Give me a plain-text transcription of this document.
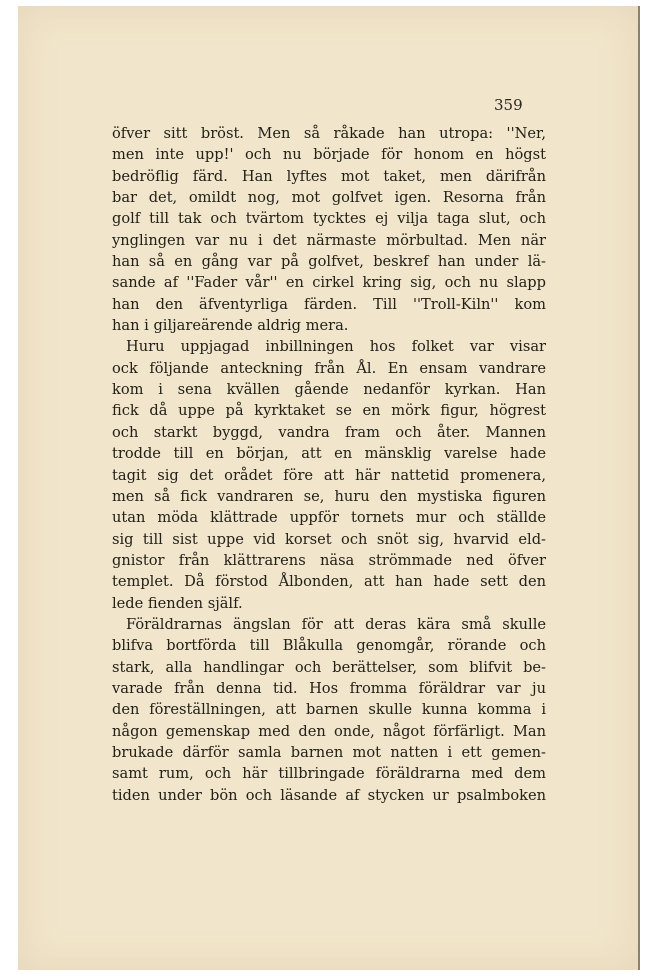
359

öfver sitt bröst. Men så råkade han utropa: ''Ner,
men inte upp!' och nu började för honom en högst
bedröflig färd. Han lyftes mot taket, men därifrån
bar det, omildt nog, mot golfvet igen. Resorna från
golf till tak och tvärtom tycktes ej vilja taga slut, och
ynglingen var nu i det närmaste mörbultad. Men när
han så en gång var på golfvet, beskref han under lä-
sande af ''Fader vår'' en cirkel kring sig, och nu slapp
han den äfventyrliga färden. Till ''Troll-Kiln'' kom
han i giljareärende aldrig mera.
Huru uppjagad inbillningen hos folket var visar
ock följande anteckning från Ål. En ensam vandrare
kom i sena kvällen gående nedanför kyrkan. Han
fick då uppe på kyrktaket se en mörk figur, högrest
och starkt byggd, vandra fram och åter. Mannen
trodde till en början, att en mänsklig varelse hade
tagit sig det orådet före att här nattetid promenera,
men så fick vandraren se, huru den mystiska figuren
utan möda klättrade uppför tornets mur och ställde
sig till sist uppe vid korset och snöt sig, hvarvid eld-
gnistor från klättrarens näsa strömmade ned öfver
templet. Då förstod Ålbonden, att han hade sett den
lede fienden själf.
Föräldrarnas ängslan för att deras kära små skulle
blifva bortförda till Blåkulla genomgår, rörande och
stark, alla handlingar och berättelser, som blifvit be-
varade från denna tid. Hos fromma föräldrar var ju
den föreställningen, att barnen skulle kunna komma i
någon gemenskap med den onde, något förfärligt. Man
brukade därför samla barnen mot natten i ett gemen-
samt rum, och här tillbringade föräldrarna med dem
tiden under bön och läsande af stycken ur psalmboken
